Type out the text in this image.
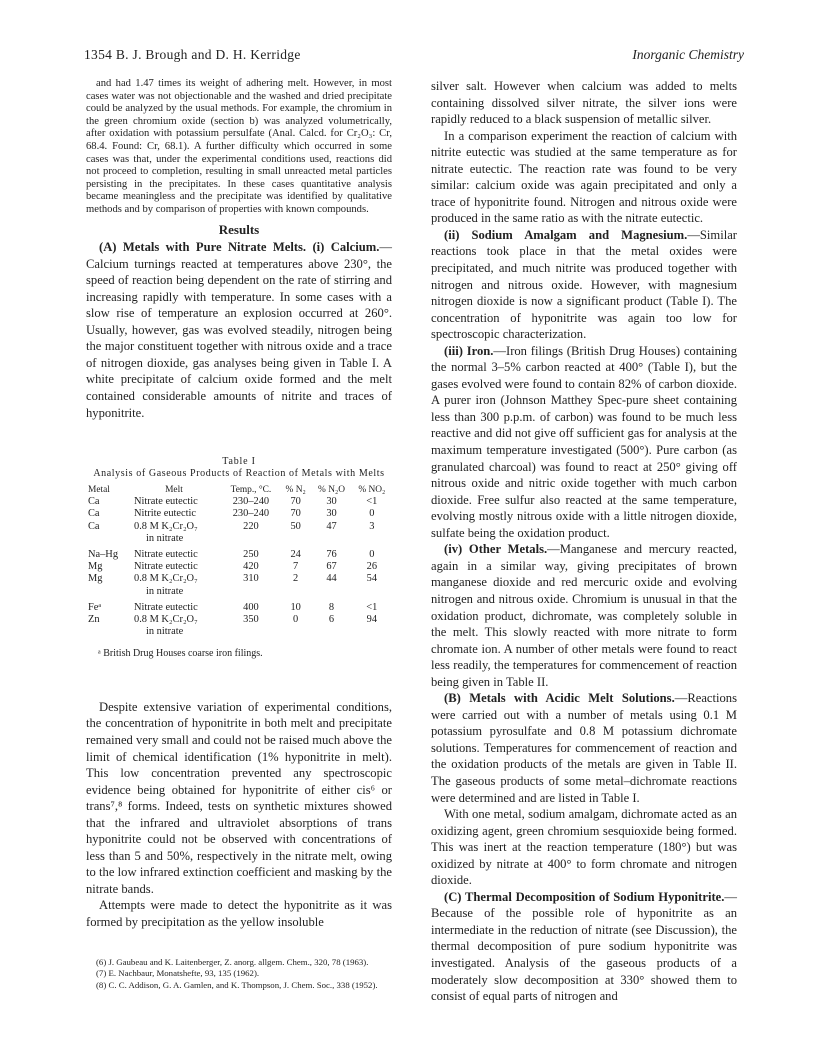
1354 B. J. Brough and D. H. Kerridge	Inorganic Chemistry

and had 1.47 times its weight of adhering melt. However, in most cases water was not objectionable and the washed and dried precipitate could be analyzed by the usual methods. For example, the chromium in the green chromium oxide (section b) was analyzed volumetrically, after oxidation with potassium persulfate (Anal. Calcd. for Cr₂O₃: Cr, 68.4. Found: Cr, 68.1). A further difficulty which occurred in some cases was that, under the experimental conditions used, reactions did not proceed to completion, resulting in small unreacted metal particles persisting in the precipitates. In these cases quantitative analysis became meaningless and the precipitate was identified by qualitative methods and by comparison of properties with known compounds.

Results

(A) Metals with Pure Nitrate Melts. (i) Calcium.—Calcium turnings reacted at temperatures above 230°, the speed of reaction being dependent on the rate of stirring and increasing rapidly with temperature. In some cases with a slow rise of temperature an explosion occurred at 260°. Usually, however, gas was evolved steadily, nitrogen being the major constituent together with nitrous oxide and a trace of nitrogen dioxide, gas analyses being given in Table I. A white precipitate of calcium oxide formed and the melt contained considerable amounts of nitrite and traces of hyponitrite.

Table I
Analysis of Gaseous Products of Reaction of Metals with Melts
Metal	Melt	Temp., °C.	% N₂	% N₂O	% NO₂
Ca	Nitrate eutectic	230–240	70	30	<1
Ca	Nitrite eutectic	230–240	70	30	0
Ca	0.8 M K₂Cr₂O₇
in nitrate	220	50	47	3
Na–Hg	Nitrate eutectic	250	24	76	0
Mg	Nitrate eutectic	420	7	67	26
Mg	0.8 M K₂Cr₂O₇
in nitrate	310	2	44	54
Feᵃ	Nitrate eutectic	400	10	8	<1
Zn	0.8 M K₂Cr₂O₇
in nitrate	350	0	6	94
ᵃ British Drug Houses coarse iron filings.

Despite extensive variation of experimental conditions, the concentration of hyponitrite in both melt and precipitate remained very small and could not be raised much above the limit of chemical identification (1% hyponitrite in melt). This low concentration prevented any spectroscopic evidence being obtained for hyponitrite of either cis⁶ or trans⁷,⁸ forms. Indeed, tests on synthetic mixtures showed that the infrared and ultraviolet absorptions of trans hyponitrite could not be observed with concentrations of less than 5 and 50%, respectively in the nitrate melt, owing to the low infrared extinction coefficient and masking by the nitrate bands.

Attempts were made to detect the hyponitrite as it was formed by precipitation as the yellow insoluble

(6) J. Gaubeau and K. Laitenberger, Z. anorg. allgem. Chem., 320, 78 (1963).

(7) E. Nachbaur, Monatshefte, 93, 135 (1962).

(8) C. C. Addison, G. A. Gamlen, and K. Thompson, J. Chem. Soc., 338 (1952).

silver salt. However when calcium was added to melts containing dissolved silver nitrate, the silver ions were rapidly reduced to a black suspension of metallic silver.

In a comparison experiment the reaction of calcium with nitrite eutectic was studied at the same temperature as for nitrate eutectic. The reaction rate was found to be very similar: calcium oxide was again precipitated and only a trace of hyponitrite found. Nitrogen and nitrous oxide were produced in the same ratio as with the nitrate eutectic.

(ii) Sodium Amalgam and Magnesium.—Similar reactions took place in that the metal oxides were precipitated, and much nitrite was produced together with nitrogen and nitrous oxide. However, with magnesium nitrogen dioxide is now a significant product (Table I). The concentration of hyponitrite was again too low for spectroscopic characterization.

(iii) Iron.—Iron filings (British Drug Houses) containing the normal 3–5% carbon reacted at 400° (Table I), but the gases evolved were found to contain 82% of carbon dioxide. A purer iron (Johnson Matthey Spec-pure sheet containing less than 300 p.p.m. of carbon) was found to be much less reactive and did not give off sufficient gas for analysis at the maximum temperature investigated (500°). Pure carbon (as granulated charcoal) was found to react at 250° giving off nitrous oxide and nitric oxide together with much carbon dioxide. Free sulfur also reacted at the same temperature, evolving mostly nitrous oxide with a little nitrogen dioxide, sulfate being the oxidation product.

(iv) Other Metals.—Manganese and mercury reacted, again in a similar way, giving precipitates of brown manganese dioxide and red mercuric oxide and evolving nitrogen and nitrous oxide. Chromium is unusual in that the oxidation product, dichromate, was completely soluble in the melt. This slowly reacted with more nitrate to form chromate ion. A number of other metals were found to react less readily, the temperatures for commencement of reaction being given in Table II.

(B) Metals with Acidic Melt Solutions.—Reactions were carried out with a number of metals using 0.1 M potassium pyrosulfate and 0.8 M potassium dichromate solutions. Temperatures for commencement of reaction and the oxidation products of the metals are given in Table II. The gaseous products of some metal–dichromate reactions were determined and are listed in Table I.

With one metal, sodium amalgam, dichromate acted as an oxidizing agent, green chromium sesquioxide being formed. This was inert at the reaction temperature (180°) but was oxidized by nitrate at 400° to form chromate and nitrogen dioxide.

(C) Thermal Decomposition of Sodium Hyponitrite.—Because of the possible role of hyponitrite as an intermediate in the reduction of nitrate (see Discussion), the thermal decomposition of pure sodium hyponitrite was investigated. Analysis of the gaseous products of a moderately slow decomposition at 330° showed them to consist of equal parts of nitrogen and
